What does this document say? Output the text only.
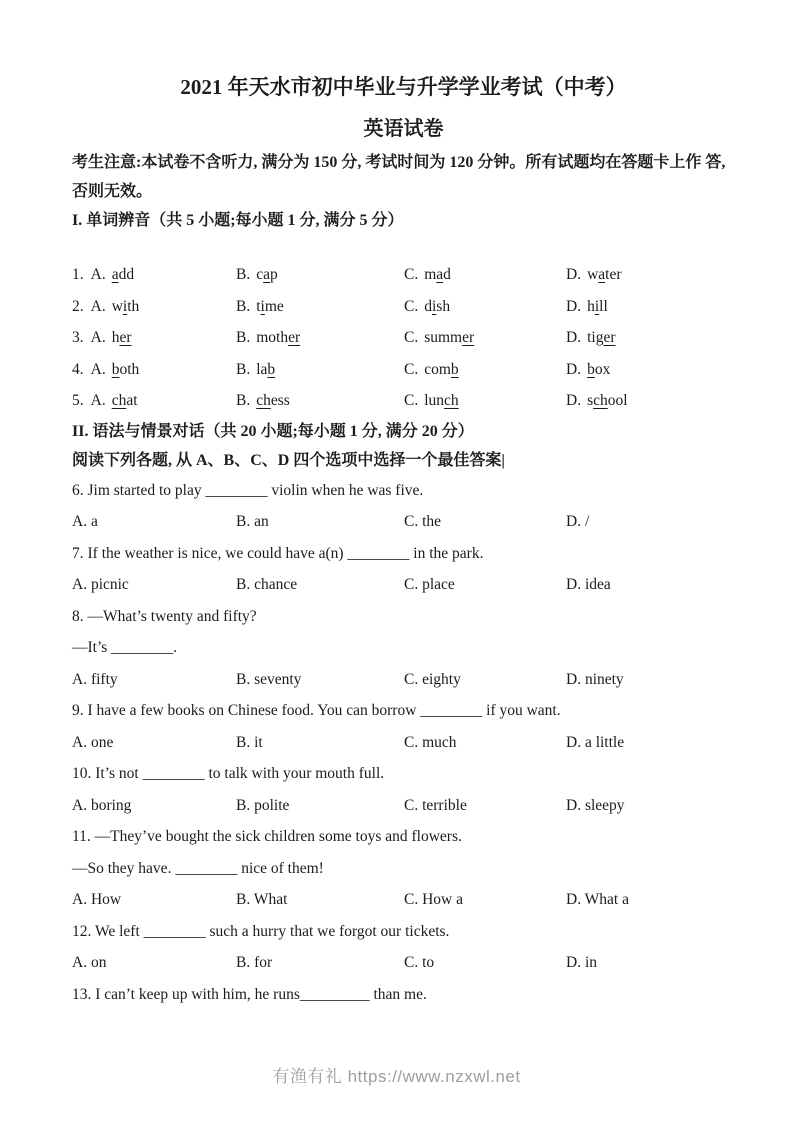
2021 年天水市初中毕业与升学学业考试（中考）
英语试卷
考生注意:本试卷不含听力, 满分为 150 分, 考试时间为 120 分钟。所有试题均在答题卡上作 答,
否则无效。
I. 单词辨音（共 5 小题;每小题 1 分, 满分 5 分）
1. A. add	B. cap	C. mad	D. water
2. A. with	B. time	C. dish	D. hill
3. A. her	B. mother	C. summer	D. tiger
4. A. both	B. lab	C. comb	D. box
5. A. chat	B. chess	C. lunch	D. school
II. 语法与情景对话（共 20 小题;每小题 1 分, 满分 20 分）
阅读下列各题, 从 A、B、C、D 四个选项中选择一个最佳答案|
6. Jim started to play ________ violin when he was five.
A. a	B. an	C. the	D. /
7. If the weather is nice, we could have a(n) ________ in the park.
A. picnic	B. chance	C. place	D. idea
8. —What’s twenty and fifty?
—It’s ________.
A. fifty	B. seventy	C. eighty	D. ninety
9. I have a few books on Chinese food. You can borrow ________ if you want.
A. one	B. it	C. much	D. a little
10. It’s not ________ to talk with your mouth full.
A. boring	B. polite	C. terrible	D. sleepy
11. —They’ve bought the sick children some toys and flowers.
—So they have. ________ nice of them!
A. How	B. What	C. How a	D. What a
12. We left ________ such a hurry that we forgot our tickets.
A. on	B. for	C. to	D. in
13. I can’t keep up with him, he runs_________ than me.
有渔有礼 https://www.nzxwl.net
